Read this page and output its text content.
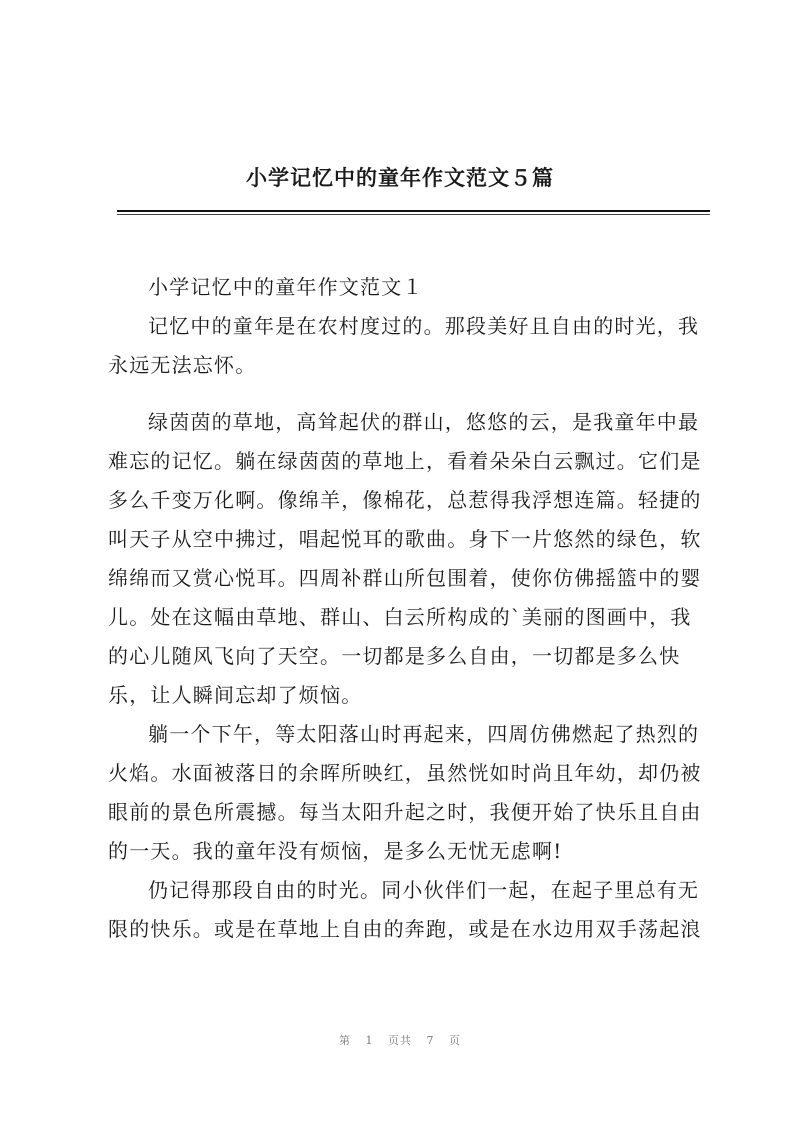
小学记忆中的童年作文范文５篇
小学记忆中的童年作文范文１
记忆中的童年是在农村度过的。那段美好且自由的时光，我
永远无法忘怀。
绿茵茵的草地，高耸起伏的群山，悠悠的云，是我童年中最
难忘的记忆。躺在绿茵茵的草地上，看着朵朵白云飘过。它们是
多么千变万化啊。像绵羊，像棉花，总惹得我浮想连篇。轻捷的
叫天子从空中拂过，唱起悦耳的歌曲。身下一片悠然的绿色，软
绵绵而又赏心悦耳。四周补群山所包围着，使你仿佛摇篮中的婴
儿。处在这幅由草地、群山、白云所构成的`美丽的图画中，我
的心儿随风飞向了天空。一切都是多么自由，一切都是多么快
乐，让人瞬间忘却了烦恼。
躺一个下午，等太阳落山时再起来，四周仿佛燃起了热烈的
火焰。水面被落日的余晖所映红，虽然恍如时尚且年幼，却仍被
眼前的景色所震撼。每当太阳升起之时，我便开始了快乐且自由
的一天。我的童年没有烦恼，是多么无忧无虑啊!
仍记得那段自由的时光。同小伙伴们一起，在起子里总有无
限的快乐。或是在草地上自由的奔跑，或是在水边用双手荡起浪
第 1 页共 7 页
